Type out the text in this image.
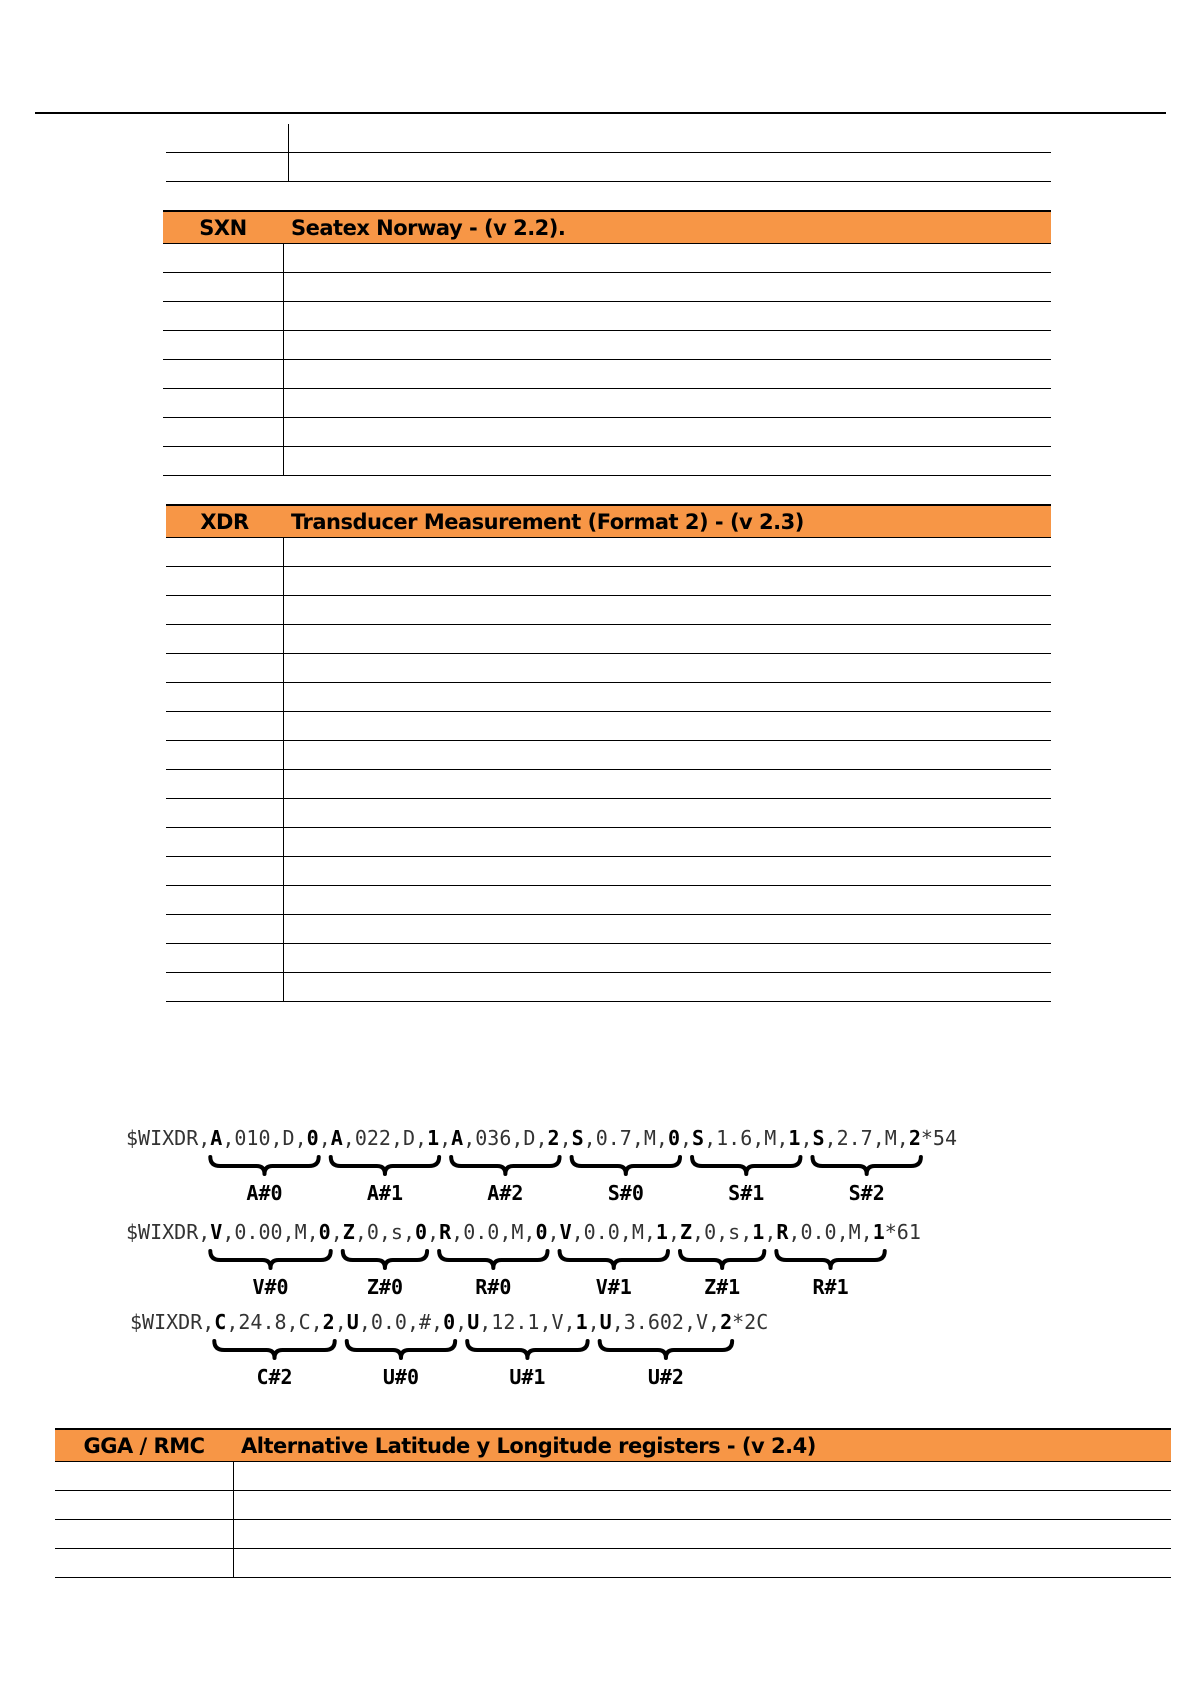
SXN	Seatex Norway - (v 2.2).

XDR	Transducer Measurement (Format 2) - (v 2.3)

$WIXDR,A,010,D,0,A,022,D,1,A,036,D,2,S,0.7,M,0,S,1.6,M,1,S,2.7,M,2*54
A#0	A#1	A#2	S#0	S#1	S#2
$WIXDR,V,0.00,M,0,Z,0,s,0,R,0.0,M,0,V,0.0,M,1,Z,0,s,1,R,0.0,M,1*61
V#0	Z#0	R#0	V#1	Z#1	R#1
$WIXDR,C,24.8,C,2,U,0.0,#,0,U,12.1,V,1,U,3.602,V,2*2C
C#2	U#0	U#1	U#2
GGA / RMC	Alternative Latitude y Longitude registers - (v 2.4)
